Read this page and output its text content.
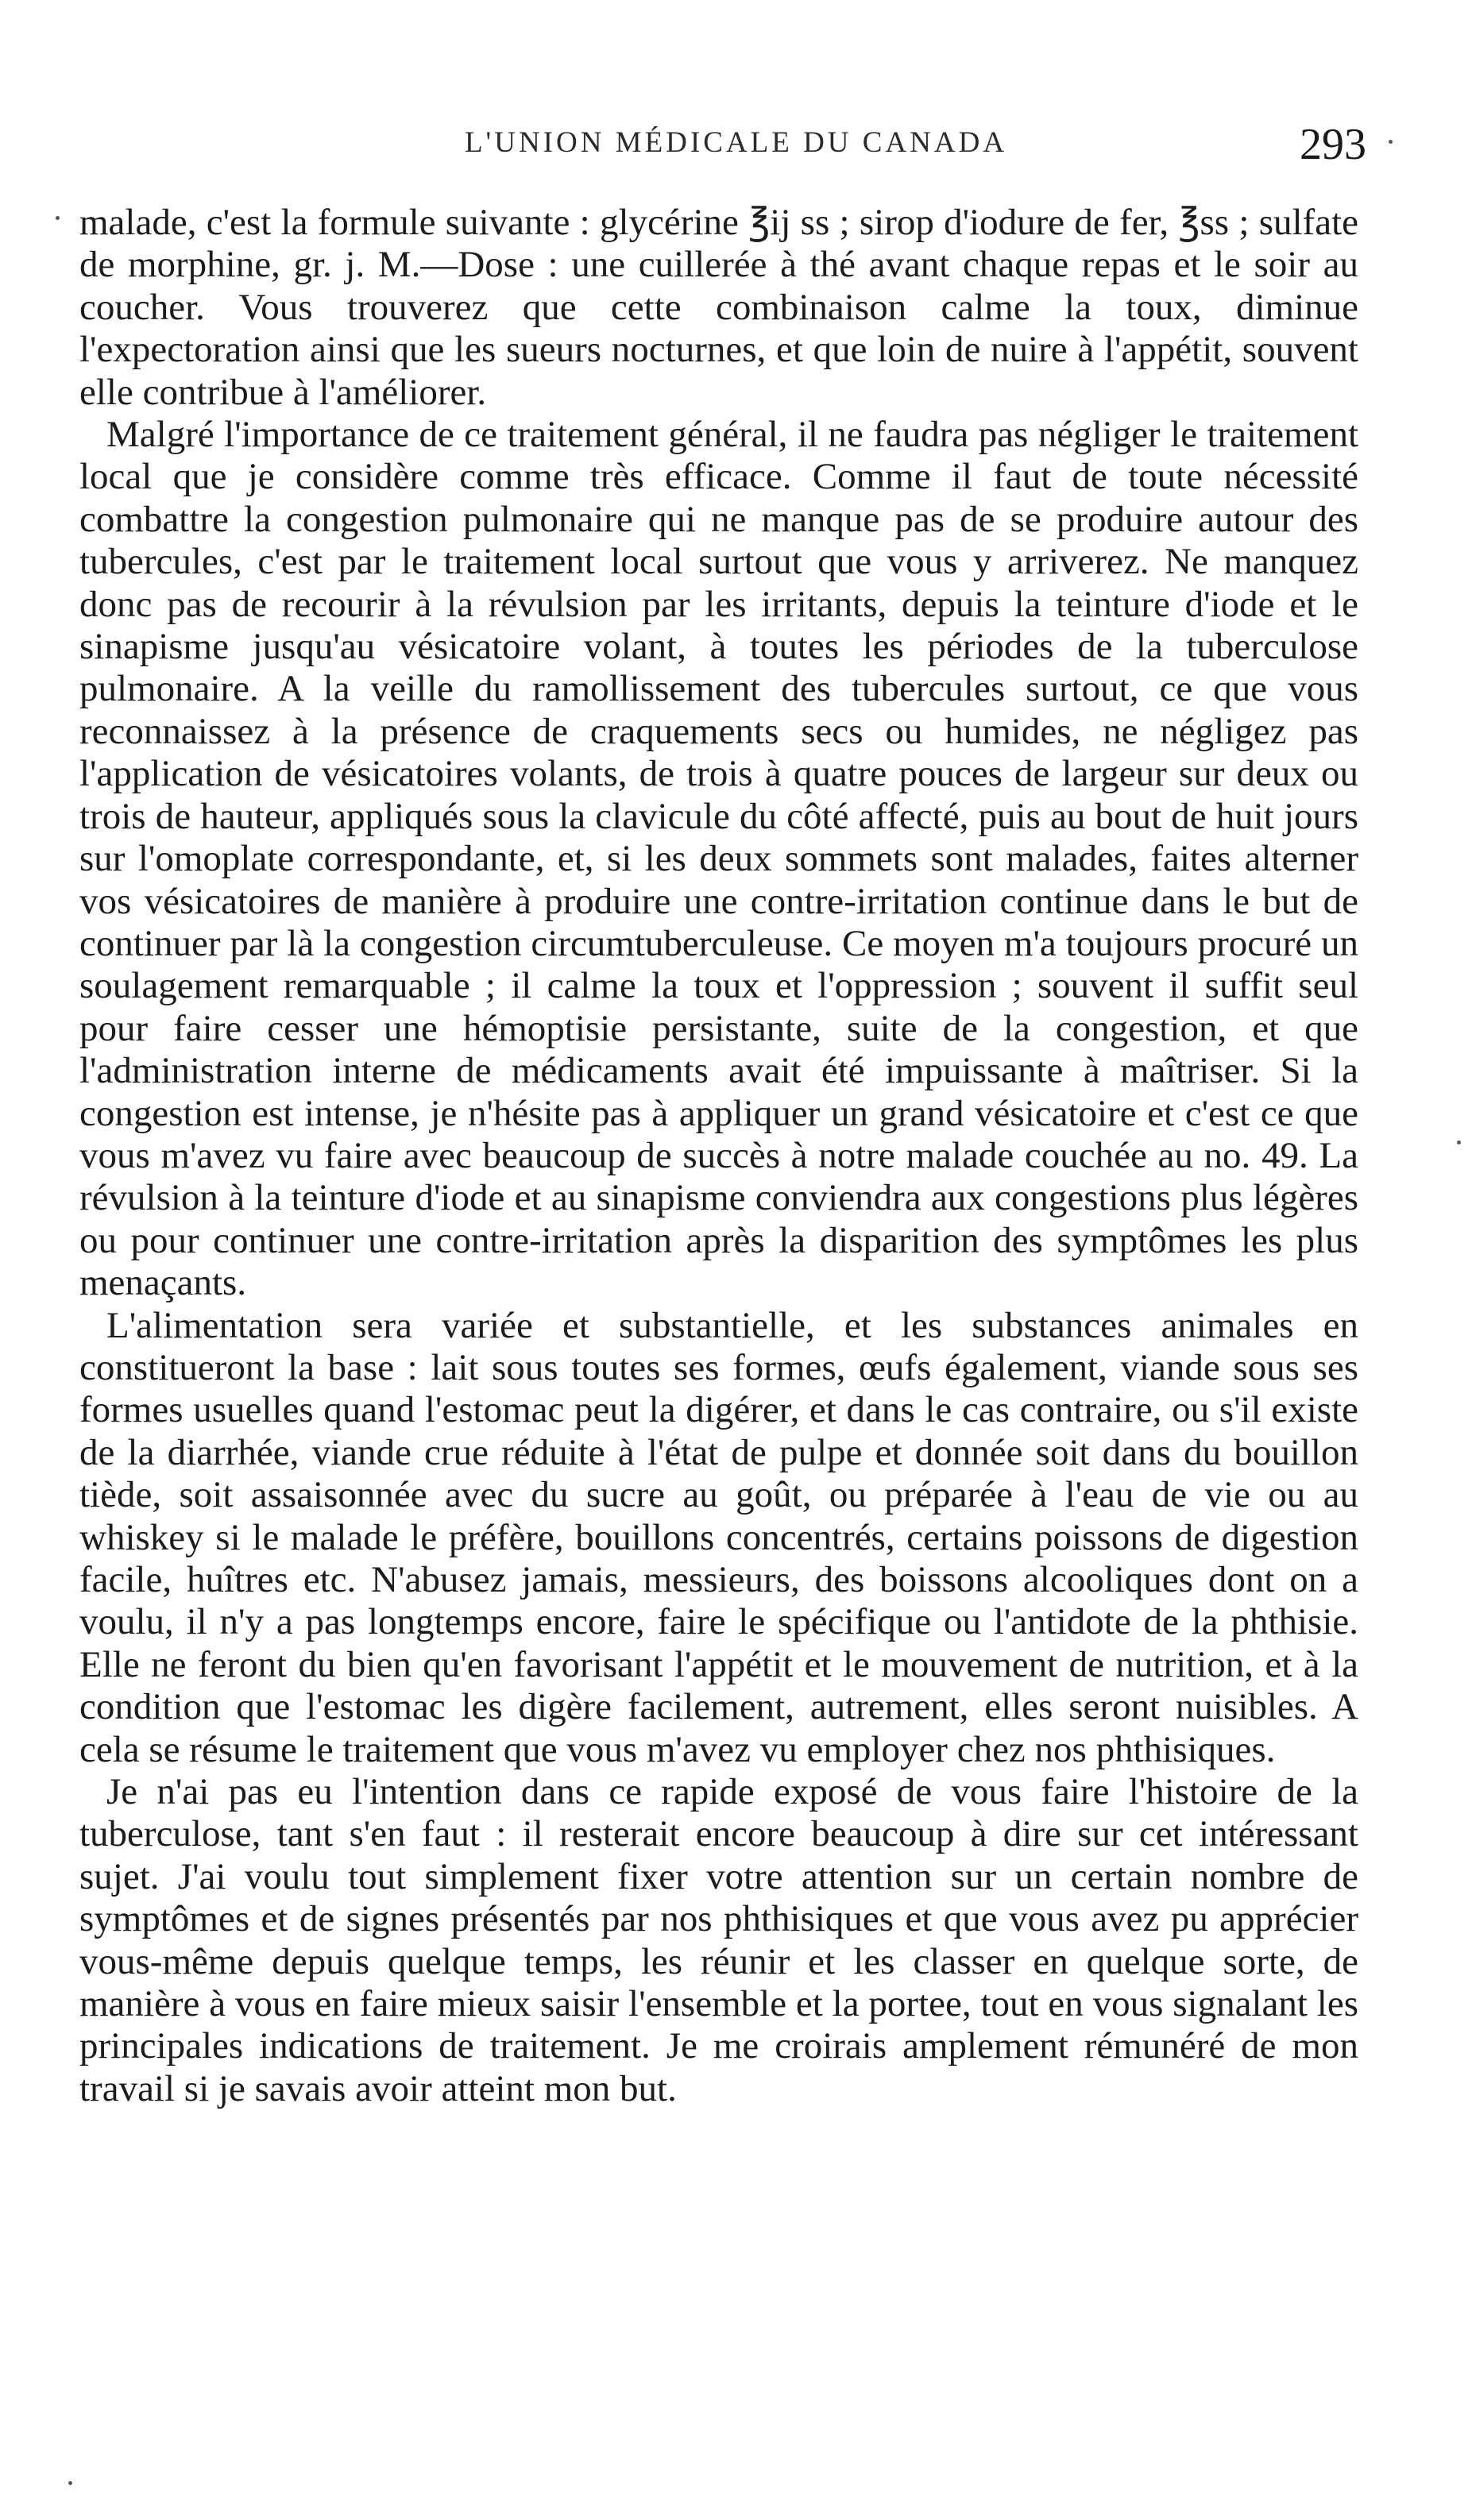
L'UNION MÉDICALE DU CANADA	293

malade, c'est la formule suivante : glycérine ℥ij ss ; sirop d'iodure de fer, ℥ss ; sulfate de morphine, gr. j. M.—Dose : une cuillerée à thé avant chaque repas et le soir au coucher. Vous trouverez que cette combinaison calme la toux, diminue l'expectoration ainsi que les sueurs nocturnes, et que loin de nuire à l'appétit, souvent elle contribue à l'améliorer.

Malgré l'importance de ce traitement général, il ne faudra pas négliger le traitement local que je considère comme très efficace. Comme il faut de toute nécessité combattre la congestion pulmonaire qui ne manque pas de se produire autour des tubercules, c'est par le traitement local surtout que vous y arriverez. Ne manquez donc pas de recourir à la révulsion par les irritants, depuis la teinture d'iode et le sinapisme jusqu'au vésicatoire volant, à toutes les périodes de la tuberculose pulmonaire. A la veille du ramollissement des tubercules surtout, ce que vous reconnaissez à la présence de craquements secs ou humides, ne négligez pas l'application de vésicatoires volants, de trois à quatre pouces de largeur sur deux ou trois de hauteur, appliqués sous la clavicule du côté affecté, puis au bout de huit jours sur l'omoplate correspondante, et, si les deux sommets sont malades, faites alterner vos vésicatoires de manière à produire une contre-irritation continue dans le but de continuer par là la congestion circumtuberculeuse. Ce moyen m'a toujours procuré un soulagement remarquable ; il calme la toux et l'oppression ; souvent il suffit seul pour faire cesser une hémoptisie persistante, suite de la congestion, et que l'administration interne de médicaments avait été impuissante à maîtriser. Si la congestion est intense, je n'hésite pas à appliquer un grand vésicatoire et c'est ce que vous m'avez vu faire avec beaucoup de succès à notre malade couchée au no. 49. La révulsion à la teinture d'iode et au sinapisme conviendra aux congestions plus légères ou pour continuer une contre-irritation après la disparition des symptômes les plus menaçants.

L'alimentation sera variée et substantielle, et les substances animales en constitueront la base : lait sous toutes ses formes, œufs également, viande sous ses formes usuelles quand l'estomac peut la digérer, et dans le cas contraire, ou s'il existe de la diarrhée, viande crue réduite à l'état de pulpe et donnée soit dans du bouillon tiède, soit assaisonnée avec du sucre au goût, ou préparée à l'eau de vie ou au whiskey si le malade le préfère, bouillons concentrés, certains poissons de digestion facile, huîtres etc. N'abusez jamais, messieurs, des boissons alcooliques dont on a voulu, il n'y a pas longtemps encore, faire le spécifique ou l'antidote de la phthisie. Elle ne feront du bien qu'en favorisant l'appétit et le mouvement de nutrition, et à la condition que l'estomac les digère facilement, autrement, elles seront nuisibles. A cela se résume le traitement que vous m'avez vu employer chez nos phthisiques.

Je n'ai pas eu l'intention dans ce rapide exposé de vous faire l'histoire de la tuberculose, tant s'en faut : il resterait encore beaucoup à dire sur cet intéressant sujet. J'ai voulu tout simplement fixer votre attention sur un certain nombre de symptômes et de signes présentés par nos phthisiques et que vous avez pu apprécier vous-même depuis quelque temps, les réunir et les classer en quelque sorte, de manière à vous en faire mieux saisir l'ensemble et la portee, tout en vous signalant les principales indications de traitement. Je me croirais amplement rémunéré de mon travail si je savais avoir atteint mon but.
